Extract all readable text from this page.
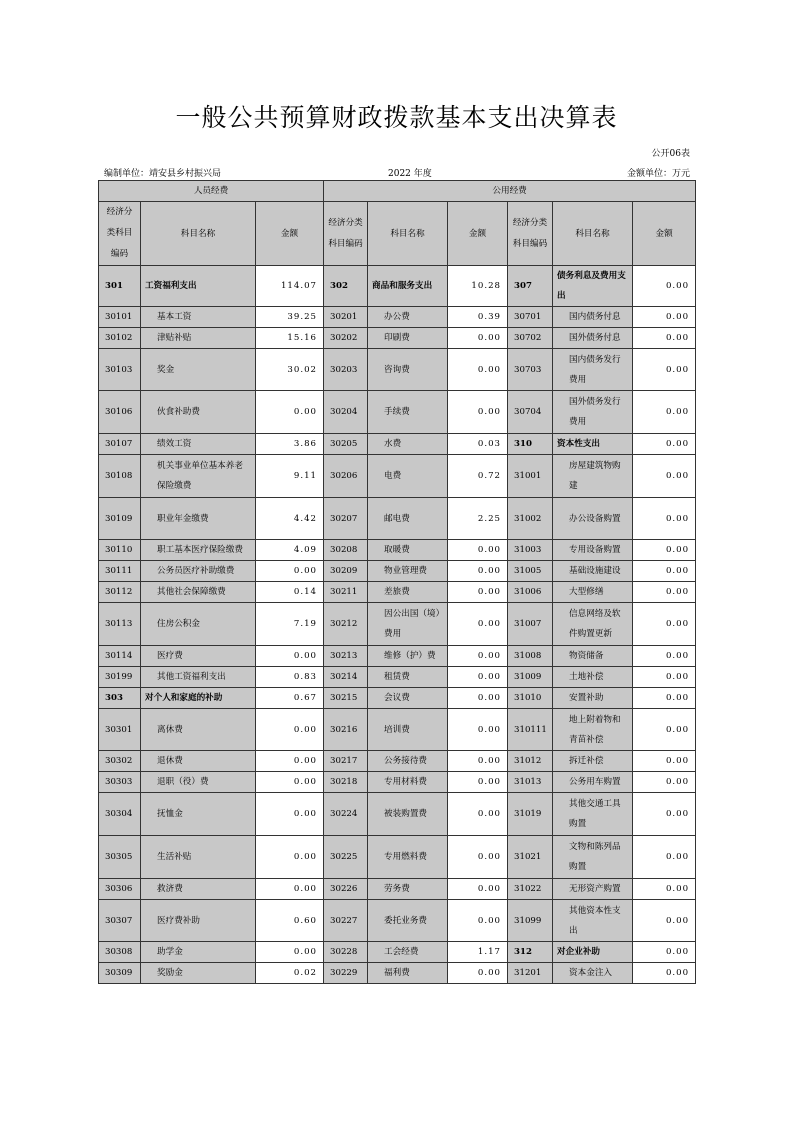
一般公共预算财政拨款基本支出决算表
公开06表
编制单位：靖安县乡村振兴局	2022 年度	金额单位：万元
人员经费			公用经费					
经济分类科目编码	科目名称	金额	经济分类科目编码	科目名称	金额	经济分类科目编码	科目名称	金额
301	工资福利支出	114.07	302	商品和服务支出	10.28	307	债务利息及费用支出	0.00
30101	基本工资	39.25	30201	办公费	0.39	30701	国内债务付息	0.00
30102	津贴补贴	15.16	30202	印刷费	0.00	30702	国外债务付息	0.00
30103	奖金	30.02	30203	咨询费	0.00	30703	国内债务发行费用	0.00
30106	伙食补助费	0.00	30204	手续费	0.00	30704	国外债务发行费用	0.00
30107	绩效工资	3.86	30205	水费	0.03	310	资本性支出	0.00
30108	机关事业单位基本养老保险缴费	9.11	30206	电费	0.72	31001	房屋建筑物购建	0.00
30109	职业年金缴费	4.42	30207	邮电费	2.25	31002	办公设备购置	0.00
30110	职工基本医疗保险缴费	4.09	30208	取暖费	0.00	31003	专用设备购置	0.00
30111	公务员医疗补助缴费	0.00	30209	物业管理费	0.00	31005	基础设施建设	0.00
30112	其他社会保障缴费	0.14	30211	差旅费	0.00	31006	大型修缮	0.00
30113	住房公积金	7.19	30212	因公出国（境）费用	0.00	31007	信息网络及软件购置更新	0.00
30114	医疗费	0.00	30213	维修（护）费	0.00	31008	物资储备	0.00
30199	其他工资福利支出	0.83	30214	租赁费	0.00	31009	土地补偿	0.00
303	对个人和家庭的补助	0.67	30215	会议费	0.00	31010	安置补助	0.00
30301	离休费	0.00	30216	培训费	0.00	310111	地上附着物和青苗补偿	0.00
30302	退休费	0.00	30217	公务接待费	0.00	31012	拆迁补偿	0.00
30303	退职（役）费	0.00	30218	专用材料费	0.00	31013	公务用车购置	0.00
30304	抚恤金	0.00	30224	被装购置费	0.00	31019	其他交通工具购置	0.00
30305	生活补贴	0.00	30225	专用燃料费	0.00	31021	文物和陈列品购置	0.00
30306	救济费	0.00	30226	劳务费	0.00	31022	无形资产购置	0.00
30307	医疗费补助	0.60	30227	委托业务费	0.00	31099	其他资本性支出	0.00
30308	助学金	0.00	30228	工会经费	1.17	312	对企业补助	0.00
30309	奖励金	0.02	30229	福利费	0.00	31201	资本金注入	0.00
